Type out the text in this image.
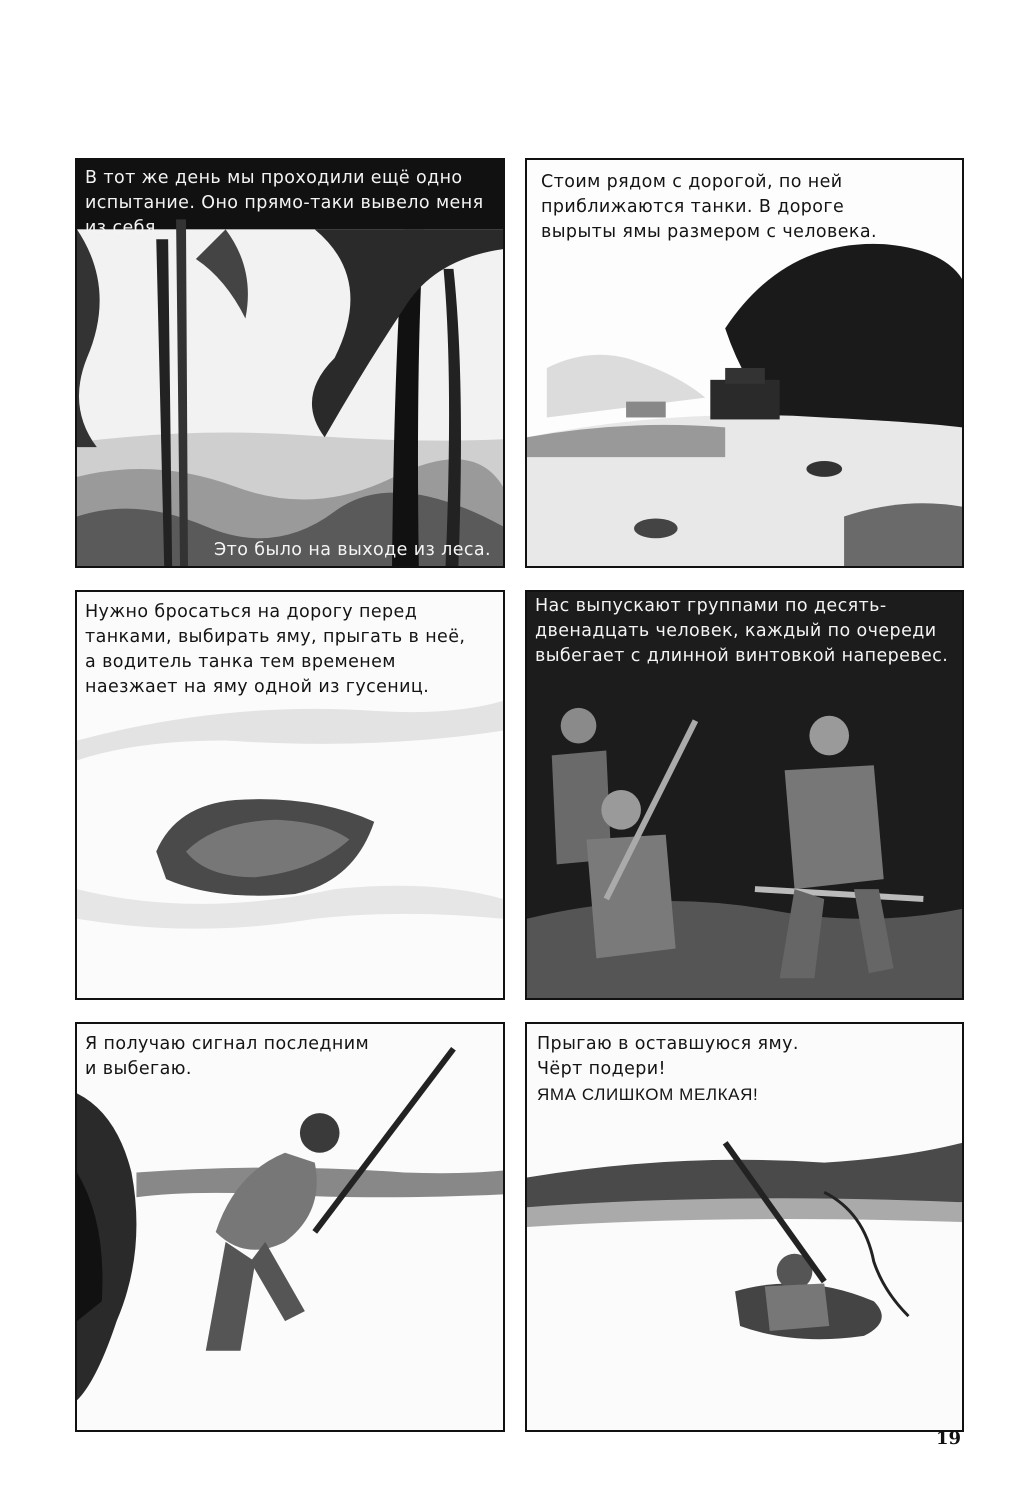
В тот же день мы проходили ещё одно
испытание. Оно прямо-таки вывело меня
из себя.
Это было на выходе из леса.
Стоим рядом с дорогой, по ней
приближаются танки. В дороге
вырыты ямы размером с человека.
Нужно бросаться на дорогу перед
танками, выбирать яму, прыгать в неё,
а водитель танка тем временем
наезжает на яму одной из гусениц.
Нас выпускают группами по десять-
двенадцать человек, каждый по очереди
выбегает с длинной винтовкой наперевес.
Я получаю сигнал последним
и выбегаю.
Прыгаю в оставшуюся яму.
Чёрт подери!
ЯМА СЛИШКОМ МЕЛКАЯ!
19
